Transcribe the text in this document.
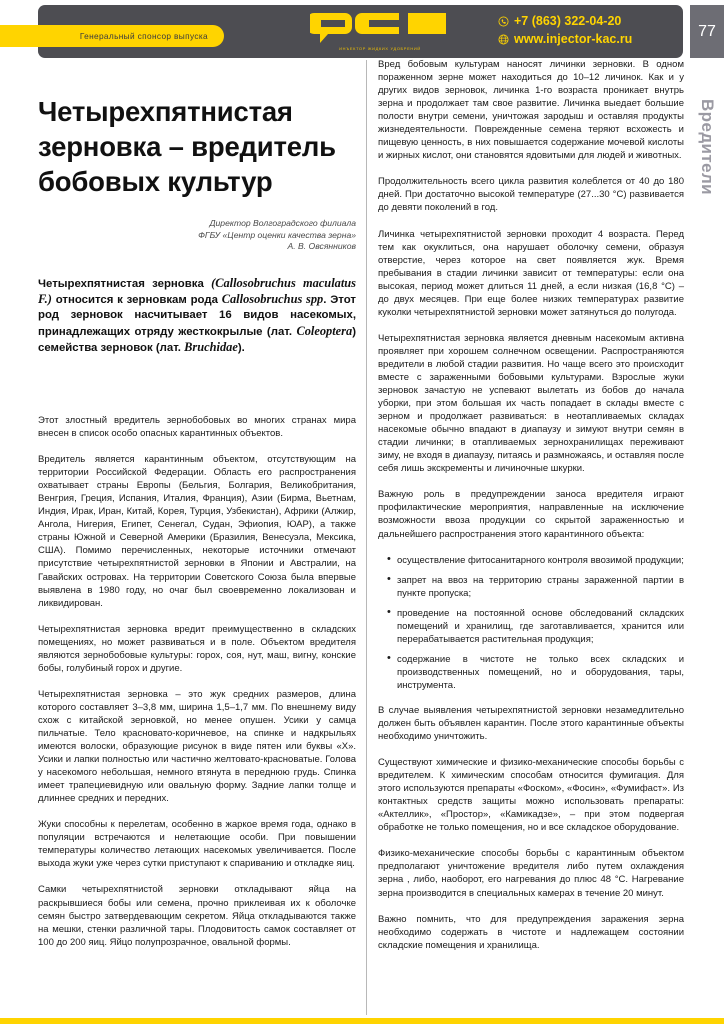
Генеральный спонсор выпуска
ИНЪЕКТОР ЖИДКИХ УДОБРЕНИЙ
+7 (863) 322-04-20
www.injector-kac.ru	77
Вредители
Четырехпятнистая зерновка – вредитель бобовых культур
Директор Волгоградского филиала
ФГБУ «Центр оценки качества зерна»
А. В. Овсянников
Четырехпятнистая зерновка (Callosobruchus maculatus F.) относится к зерновкам рода Callosobruchus spp. Этот род зерновок насчитывает 16 видов насекомых, принадлежащих отряду жесткокрылые (лат. Coleoptera) семейства зерновок (лат. Bruchidae).

Этот злостный вредитель зернобобовых во многих странах мира внесен в список особо опасных карантинных объектов.

Вредитель является карантинным объектом, отсутствующим на территории Российской Федерации. Область его распространения охватывает страны Европы (Бельгия, Болгария, Великобритания, Венгрия, Греция, Испания, Италия, Франция), Азии (Бирма, Вьетнам, Индия, Ирак, Иран, Китай, Корея, Турция, Узбекистан), Африки (Алжир, Ангола, Нигерия, Египет, Сенегал, Судан, Эфиопия, ЮАР), а также страны Южной и Северной Америки (Бразилия, Венесуэла, Мексика, США). Помимо перечисленных, некоторые источники отмечают присутствие четырехпятнистой зерновки в Японии и Австралии, на Гавайских островах. На территории Советского Союза была впервые выявлена в 1980 году, но очаг был своевременно локализован и ликвидирован.

Четырехпятнистая зерновка вредит преимущественно в складских помещениях, но может развиваться и в поле. Объектом вредителя являются зернобобовые культуры: горох, соя, нут, маш, вигну, конские бобы, голубиный горох и другие.

Четырехпятнистая зерновка – это жук средних размеров, длина которого составляет 3–3,8 мм, ширина 1,5–1,7 мм. По внешнему виду схож с китайской зерновкой, но менее опушен. Усики у самца пильчатые. Тело красновато-коричневое, на спинке и надкрыльях имеются волоски, образующие рисунок в виде пятен или буквы «Х». Усики и лапки полностью или частично желтовато-красноватые. Голова у насекомого небольшая, немного втянута в переднюю грудь. Спинка имеет трапециевидную или овальную форму. Задние лапки толще и длиннее средних и передних.

Жуки способны к перелетам, особенно в жаркое время года, однако в популяции встречаются и нелетающие особи. При повышении температуры количество летающих насекомых увеличивается. После выхода жуки уже через сутки приступают к спариванию и откладке яиц.

Самки четырехпятнистой зерновки откладывают яйца на раскрывшиеся бобы или семена, прочно приклеивая их к оболочке семян быстро затвердевающим секретом. Яйца откладываются также на мешки, стенки различной тары. Плодовитость самок составляет от 100 до 200 яиц. Яйцо полупрозрачное, овальной формы.

Вред бобовым культурам наносят личинки зерновки. В одном пораженном зерне может находиться до 10–12 личинок. Как и у других видов зерновок, личинка 1-го возраста проникает внутрь зерна и продолжает там свое развитие. Личинка выедает большие полости внутри семени, уничтожая зародыш и оставляя продукты жизнедеятельности. Поврежденные семена теряют всхожесть и пищевую ценность, в них повышается содержание мочевой кислоты и жирных кислот, они становятся ядовитыми для людей и животных.

Продолжительность всего цикла развития колеблется от 40 до 180 дней. При достаточно высокой температуре (27...30 °С) развивается до девяти поколений в год.

Личинка четырехпятнистой зерновки проходит 4 возраста. Перед тем как окуклиться, она нарушает оболочку семени, образуя отверстие, через которое на свет появляется жук. Время пребывания в стадии личинки зависит от температуры: если она высокая, период может длиться 11 дней, а если низкая (16,8 °С) – до двух месяцев. При еще более низких температурах развитие куколки четырехпятнистой зерновки может затянуться до полугода.

Четырехпятнистая зерновка является дневным насекомым активна проявляет при хорошем солнечном освещении. Распространяются вредители в любой стадии развития. Но чаще всего это происходит вместе с зараженными бобовыми культурами. Взрослые жуки зерновок зачастую не успевают вылетать из бобов до начала уборки, при этом большая их часть попадает в склады вместе с зерном и продолжает развиваться: в неотапливаемых складах насекомые обычно впадают в диапаузу и зимуют внутри семян в стадии личинки; в отапливаемых зернохранилищах переживают зиму, не входя в диапаузу, питаясь и размножаясь, и оставляя после себя лишь экскременты и личиночные шкурки.

Важную роль в предупреждении заноса вредителя играют профилактические мероприятия, направленные на исключение возможности ввоза продукции со скрытой зараженностью и дальнейшего распространения этого карантинного объекта:

• осуществление фитосанитарного контроля ввозимой продукции;
• запрет на ввоз на территорию страны зараженной партии в пункте пропуска;
• проведение на постоянной основе обследований складских помещений и хранилищ, где заготавливается, хранится или перерабатывается растительная продукция;
• содержание в чистоте не только всех складских и производственных помещений, но и оборудования, тары, инструмента.

В случае выявления четырехпятнистой зерновки незамедлительно должен быть объявлен карантин. После этого карантинные объекты необходимо уничтожить.

Существуют химические и физико-механические способы борьбы с вредителем. К химическим способам относится фумигация. Для этого используются препараты «Фоском», «Фосин», «Фумифаст». Из контактных средств защиты можно использовать препараты: «Актеллик», «Простор», «Камикадзе», – при этом подвергая обработке не только помещения, но и все складское оборудование.

Физико-механические способы борьбы с карантинным объектом предполагают уничтожение вредителя либо путем охлаждения зерна , либо, наоборот, его нагревания до плюс 48 °С. Нагревание зерна производится в специальных камерах в течение 20 минут.

Важно помнить, что для предупреждения заражения зерна необходимо содержать в чистоте и надлежащем состоянии складские помещения и хранилища.
